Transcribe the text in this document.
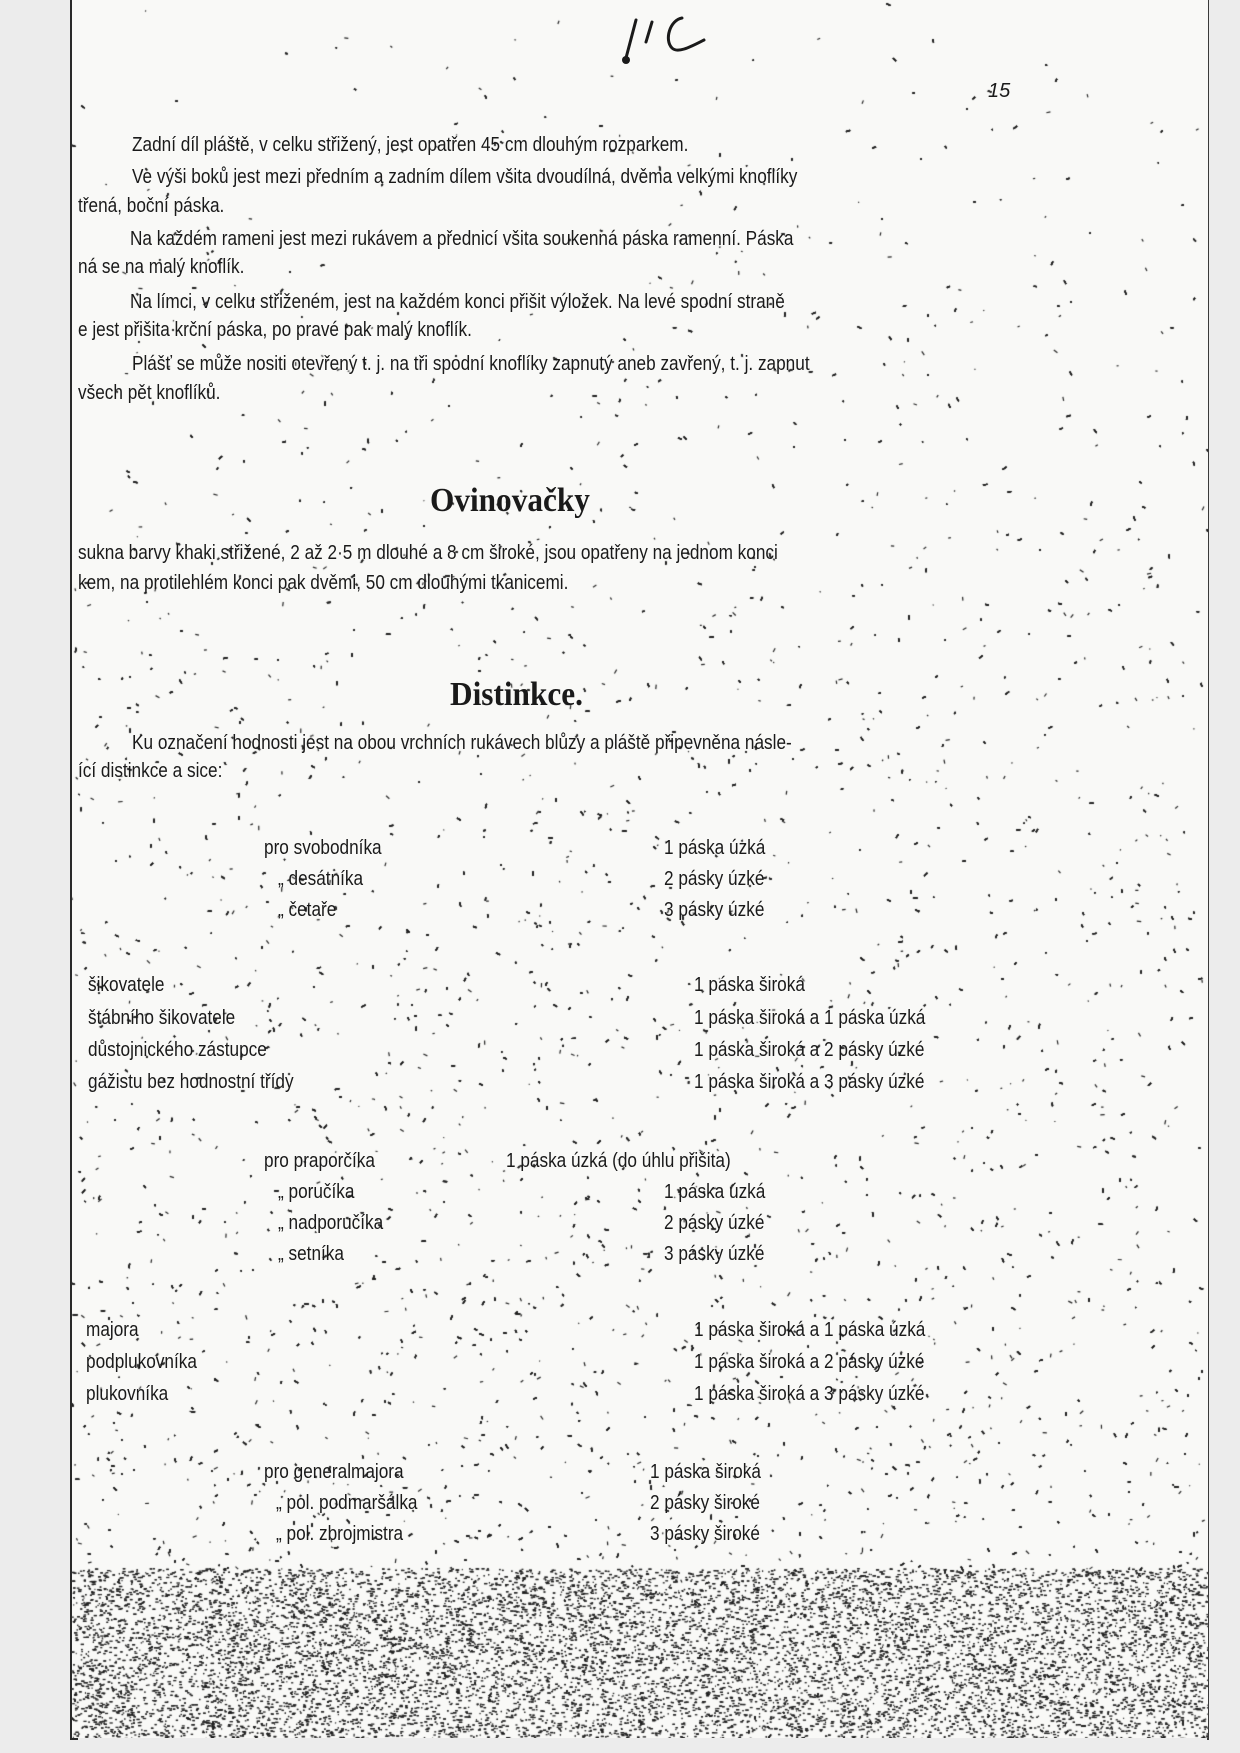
15
Zadní díl pláště, v celku střižený, jest opatřen 45 cm dlouhým rozparkem.
Ve výši boků jest mezi předním a zadním dílem všita dvoudílná, dvěma velkými knoflíky
třená, boční páska.
Na každém rameni jest mezi rukávem a přednicí všita soukenná páska ramenní. Páska
ná se na malý knoflík.
Na límci, v celku střiženém, jest na každém konci přišit výložek. Na levé spodní straně
e jest přišita krční páska, po pravé pak malý knoflík.
Plášť se může nositi otevřený t. j. na tři spodní knoflíky zapnutý aneb zavřený, t. j. zapnut
všech pět knoflíků.
Ovinovačky
sukna barvy khaki střižené, 2 až 2·5 m dlouhé a 8 cm široké, jsou opatřeny na jednom konci
kem, na protilehlém konci pak dvěmi, 50 cm dlouhými tkanicemi.
Distinkce.
Ku označení hodnosti jest na obou vrchních rukávech blůzy a pláště připevněna násle-
ící distinkce a sice:
pro svobodníka	1 páska úzká
„ desátníka	2 pásky úzké
„ četaře	3 pásky úzké
šikovatele	1 páska široká
štábního šikovatele	1 páska široká a 1 páska úzká
důstojnického zástupce	1 páska široká a 2 pásky úzké
gážistu bez hodnostní třídy	1 páska široká a 3 pásky úzké
pro praporčíka	1 páska úzká (do úhlu přišita)
„ poručíka	1 páska úzká
„ nadporučíka	2 pásky úzké
„ setníka	3 pásky úzké
majora	1 páska široká a 1 páska úzká
podplukovníka	1 páska široká a 2 pásky úzké
plukovníka	1 páska široká a 3 pásky úzké
pro generalmajora	1 páska široká
„ pol. podmaršálka	2 pásky široké
„ pol. zbrojmistra	3 pásky široké
